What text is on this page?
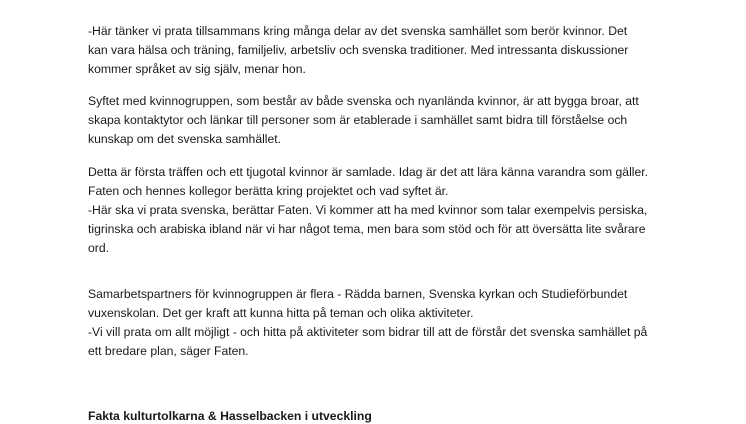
-Här tänker vi prata tillsammans kring många delar av det svenska samhället som berör kvinnor. Det
kan vara hälsa och träning, familjeliv, arbetsliv och svenska traditioner. Med intressanta diskussioner
kommer språket av sig själv, menar hon.
Syftet med kvinnogruppen, som består av både svenska och nyanlända kvinnor, är att bygga broar, att
skapa kontaktytor och länkar till personer som är etablerade i samhället samt bidra till förståelse och
kunskap om det svenska samhället.
Detta är första träffen och ett tjugotal kvinnor är samlade. Idag är det att lära känna varandra som gäller.
Faten och hennes kollegor berätta kring projektet och vad syftet är.
-Här ska vi prata svenska, berättar Faten. Vi kommer att ha med kvinnor som talar exempelvis persiska,
tigrinska och arabiska ibland när vi har något tema, men bara som stöd och för att översätta lite svårare
ord.
Samarbetspartners för kvinnogruppen är flera - Rädda barnen, Svenska kyrkan och Studieförbundet
vuxenskolan. Det ger kraft att kunna hitta på teman och olika aktiviteter.
-Vi vill prata om allt möjligt - och hitta på aktiviteter som bidrar till att de förstår det svenska samhället på
ett bredare plan, säger Faten.
Fakta kulturtolkarna & Hasselbacken i utveckling
